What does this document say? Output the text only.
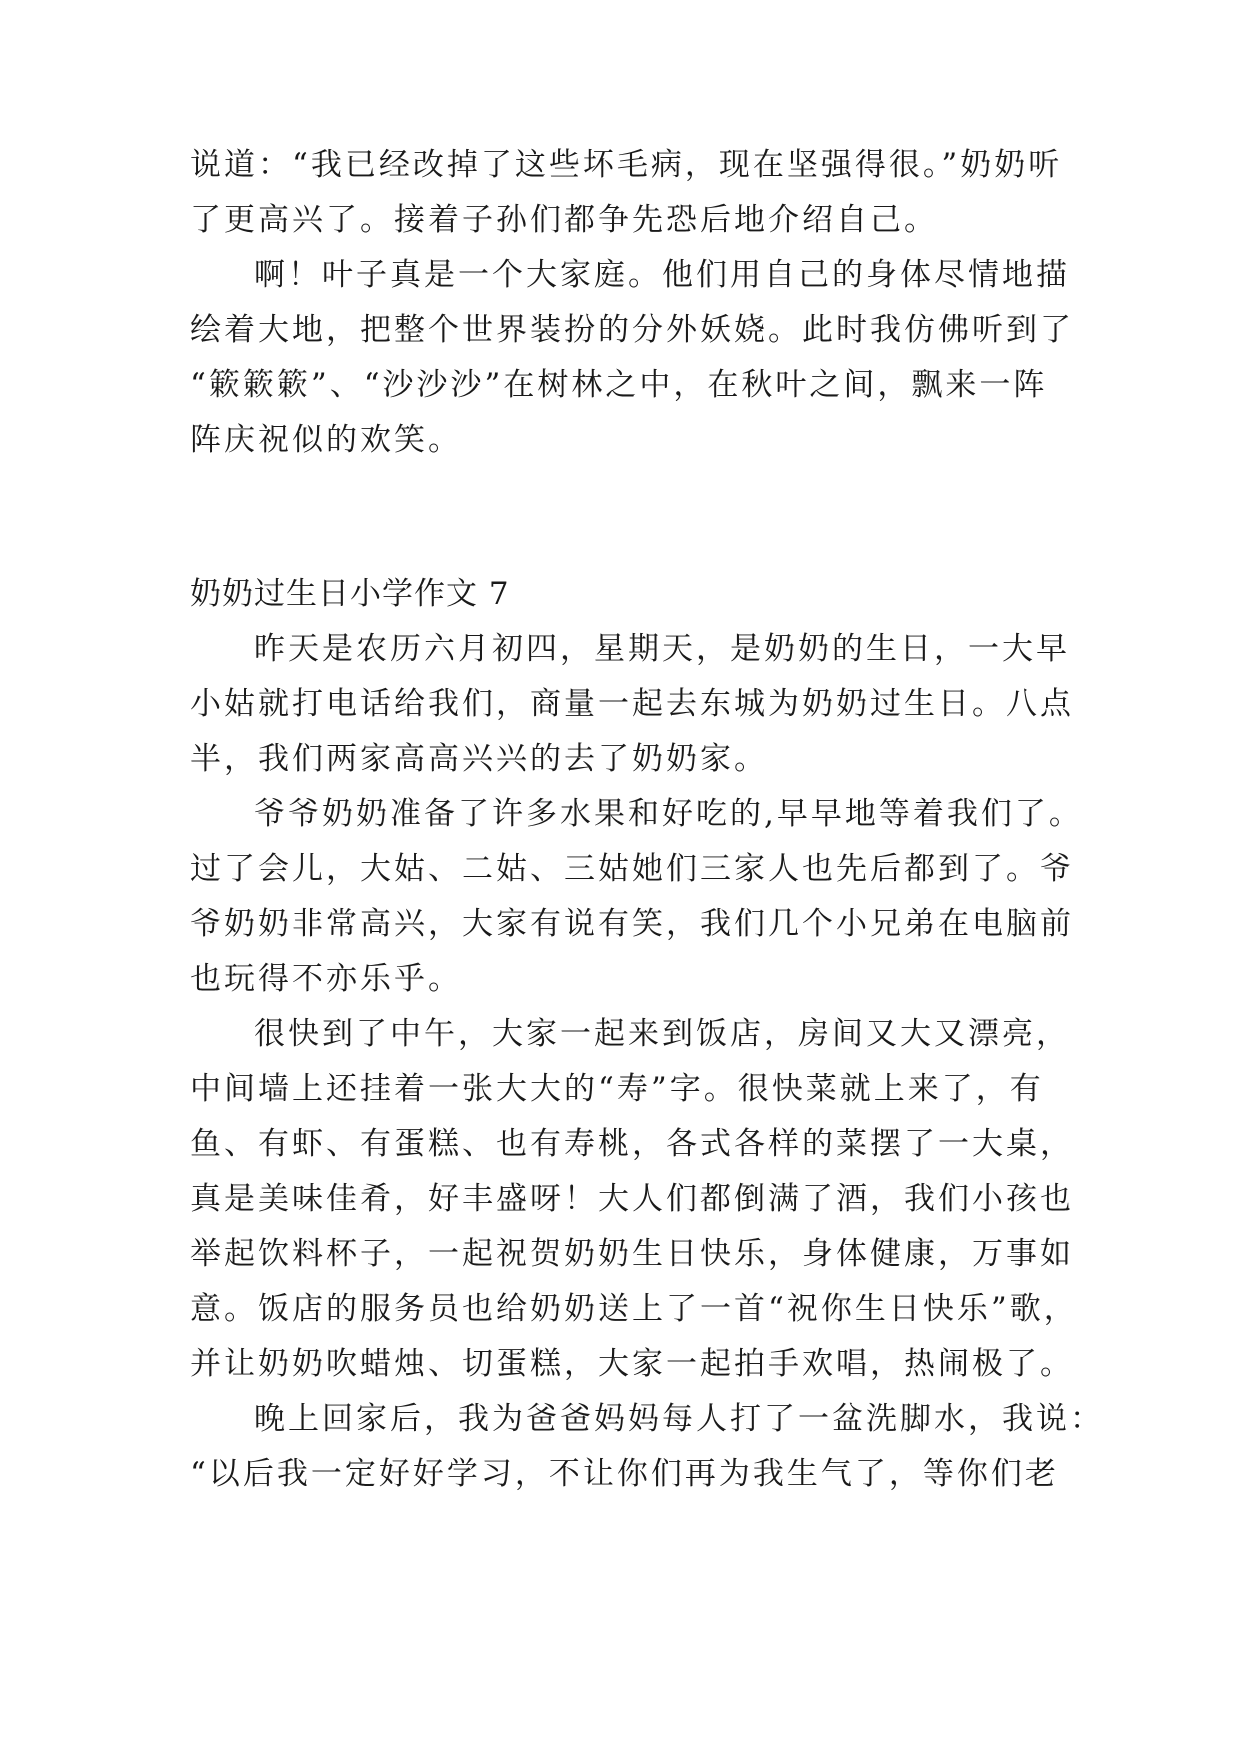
说道：“我已经改掉了这些坏毛病，现在坚强得很。”奶奶听
了更高兴了。接着子孙们都争先恐后地介绍自己。
啊！叶子真是一个大家庭。他们用自己的身体尽情地描
绘着大地，把整个世界装扮的分外妖娆。此时我仿佛听到了
“簌簌簌”、“沙沙沙”在树林之中，在秋叶之间，飘来一阵
阵庆祝似的欢笑。
奶奶过生日小学作文 7
昨天是农历六月初四，星期天，是奶奶的生日，一大早
小姑就打电话给我们，商量一起去东城为奶奶过生日。八点
半，我们两家高高兴兴的去了奶奶家。
爷爷奶奶准备了许多水果和好吃的,早早地等着我们了。
过了会儿，大姑、二姑、三姑她们三家人也先后都到了。爷
爷奶奶非常高兴，大家有说有笑，我们几个小兄弟在电脑前
也玩得不亦乐乎。
很快到了中午，大家一起来到饭店，房间又大又漂亮，
中间墙上还挂着一张大大的“寿”字。很快菜就上来了，有
鱼、有虾、有蛋糕、也有寿桃，各式各样的菜摆了一大桌，
真是美味佳肴，好丰盛呀！大人们都倒满了酒，我们小孩也
举起饮料杯子，一起祝贺奶奶生日快乐，身体健康，万事如
意。饭店的服务员也给奶奶送上了一首“祝你生日快乐”歌，
并让奶奶吹蜡烛、切蛋糕，大家一起拍手欢唱，热闹极了。
晚上回家后，我为爸爸妈妈每人打了一盆洗脚水，我说：
“以后我一定好好学习，不让你们再为我生气了，等你们老
